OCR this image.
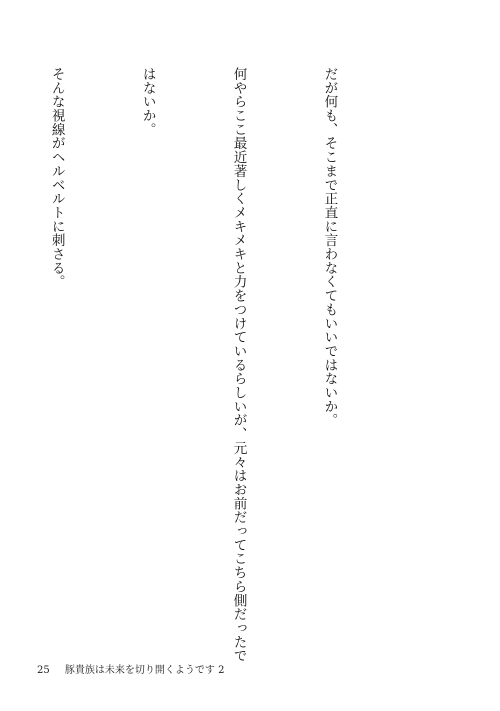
だが何も、そこまで正直に言わなくてもいいではないか。

何やらここ最近著しくメキメキと力をつけているらしいが、元々はお前だってこちら側だったで

はないか。

そんな視線がヘルベルトに刺さる。

25 豚貴族は未来を切り開くようです 2
